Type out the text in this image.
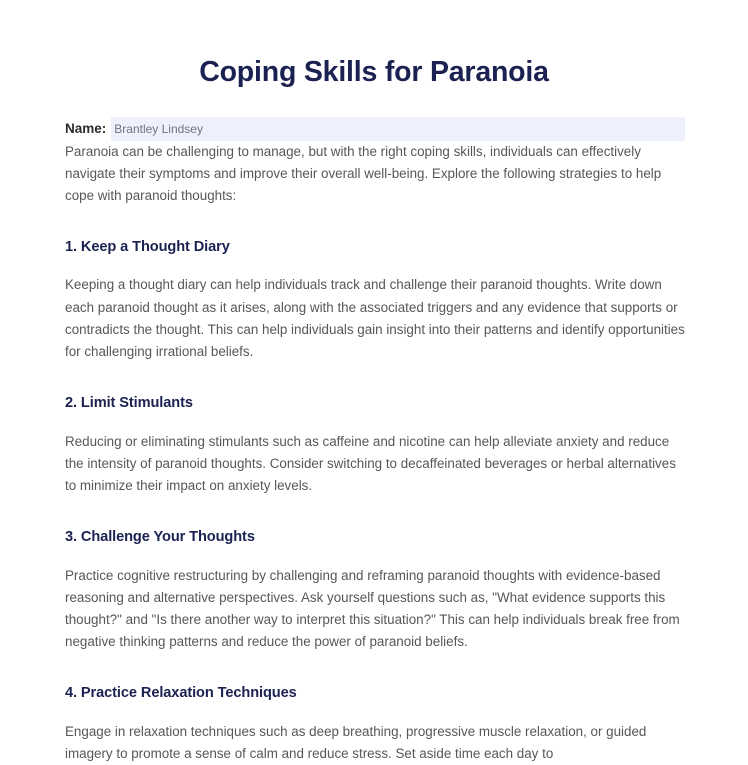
Coping Skills for Paranoia
Name: Brantley Lindsey

Paranoia can be challenging to manage, but with the right coping skills, individuals can effectively navigate their symptoms and improve their overall well-being. Explore the following strategies to help cope with paranoid thoughts:

1. Keep a Thought Diary

Keeping a thought diary can help individuals track and challenge their paranoid thoughts. Write down each paranoid thought as it arises, along with the associated triggers and any evidence that supports or contradicts the thought. This can help individuals gain insight into their patterns and identify opportunities for challenging irrational beliefs.

2. Limit Stimulants

Reducing or eliminating stimulants such as caffeine and nicotine can help alleviate anxiety and reduce the intensity of paranoid thoughts. Consider switching to decaffeinated beverages or herbal alternatives to minimize their impact on anxiety levels.

3. Challenge Your Thoughts

Practice cognitive restructuring by challenging and reframing paranoid thoughts with evidence-based reasoning and alternative perspectives. Ask yourself questions such as, "What evidence supports this thought?" and "Is there another way to interpret this situation?" This can help individuals break free from negative thinking patterns and reduce the power of paranoid beliefs.

4. Practice Relaxation Techniques

Engage in relaxation techniques such as deep breathing, progressive muscle relaxation, or guided imagery to promote a sense of calm and reduce stress. Set aside time each day to
